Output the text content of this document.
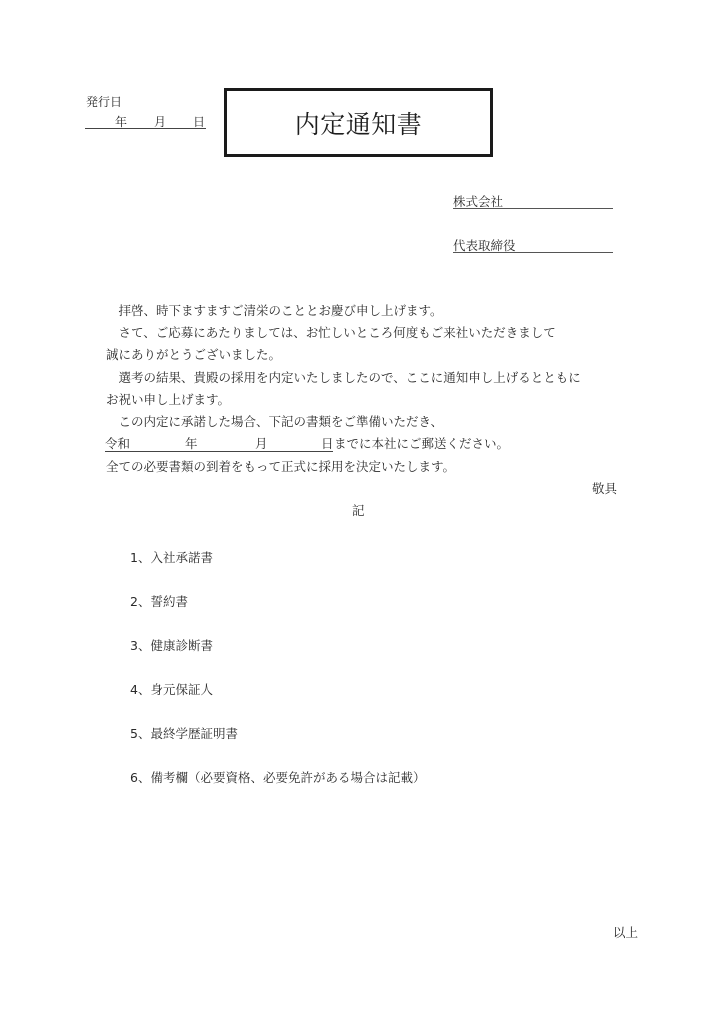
発行日
年 月 日	内定通知書
株式会社
代表取締役
　拝啓、時下ますますご清栄のこととお慶び申し上げます。
　さて、ご応募にあたりましては、お忙しいところ何度もご来社いただきまして
誠にありがとうございました。
　選考の結果、貴殿の採用を内定いたしましたので、ここに通知申し上げるとともに
お祝い申し上げます。
　この内定に承諾した場合、下記の書類をご準備いただき、
令和	年	月	日 までに本社にご郵送ください。
全ての必要書類の到着をもって正式に採用を決定いたします。
敬具
記
1、入社承諾書
2、誓約書
3、健康診断書
4、身元保証人
5、最終学歴証明書
6、備考欄（必要資格、必要免許がある場合は記載）
以上
